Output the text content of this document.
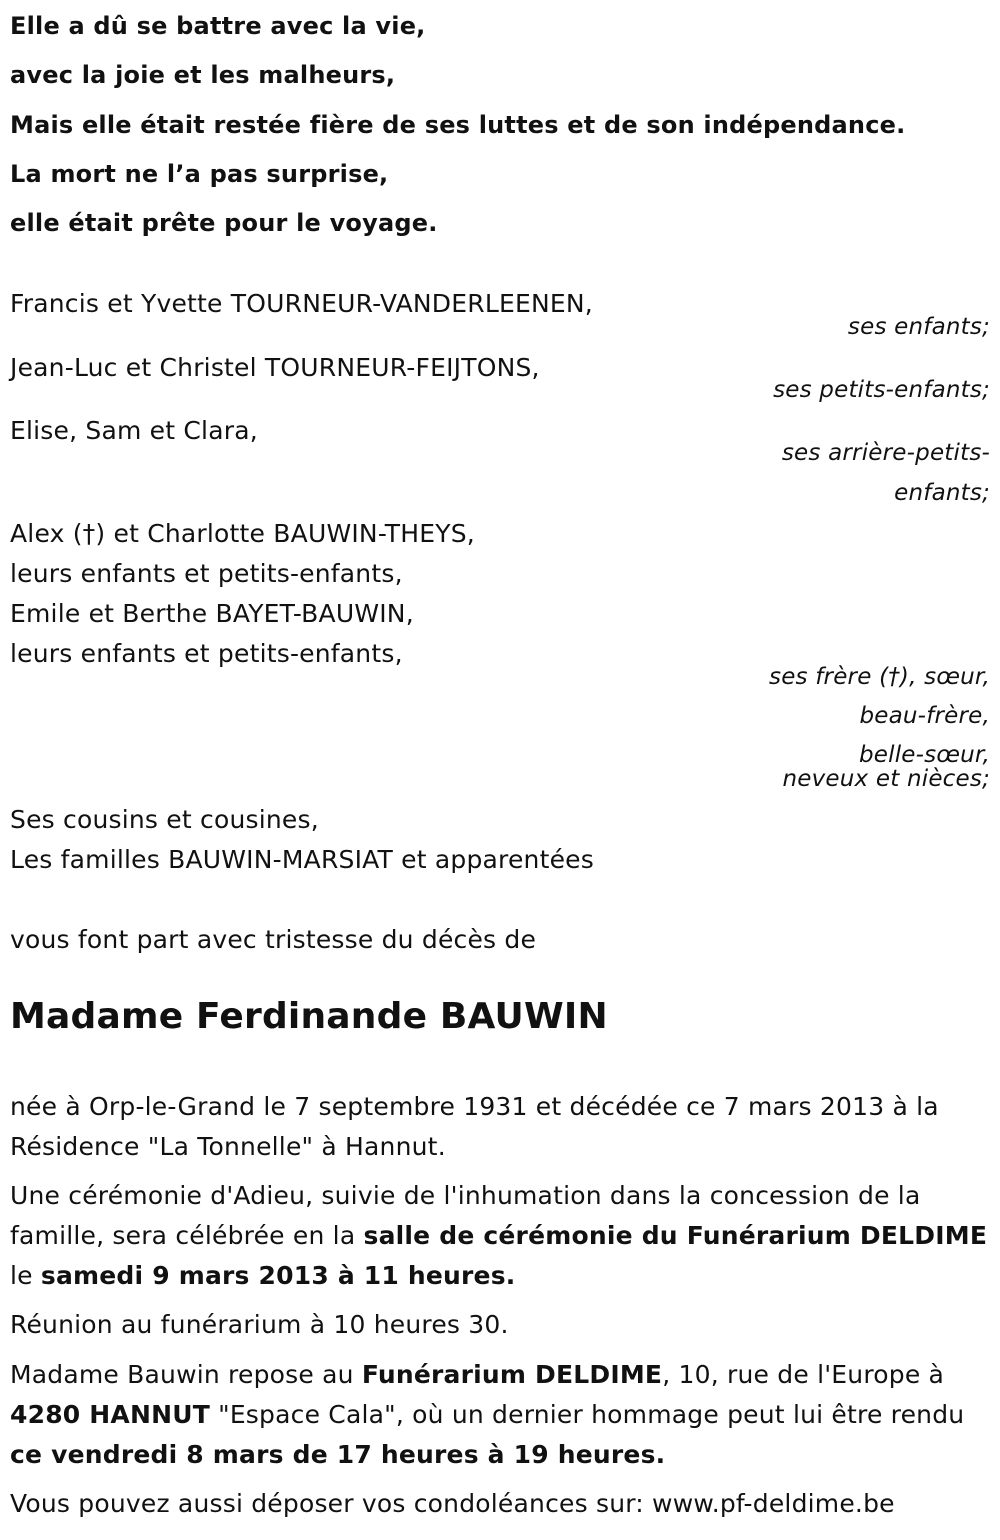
Elle a dû se battre avec la vie,
avec la joie et les malheurs,
Mais elle était restée fière de ses luttes et de son indépendance.
La mort ne l’a pas surprise,
elle était prête pour le voyage.
Francis et Yvette TOURNEUR-VANDERLEENEN,
ses enfants;
Jean-Luc et Christel TOURNEUR-FEIJTONS,
ses petits-enfants;
Elise, Sam et Clara,
ses arrière-petits-
enfants;
Alex (†) et Charlotte BAUWIN-THEYS,
leurs enfants et petits-enfants,
Emile et Berthe BAYET-BAUWIN,
leurs enfants et petits-enfants,
ses frère (†), sœur,
beau-frère,
belle-sœur,
neveux et nièces;
Ses cousins et cousines,
Les familles BAUWIN-MARSIAT et apparentées
vous font part avec tristesse du décès de
Madame Ferdinande BAUWIN
née à Orp-le-Grand le 7 septembre 1931 et décédée ce 7 mars 2013 à la Résidence "La Tonnelle" à Hannut.
Une cérémonie d'Adieu, suivie de l'inhumation dans la concession de la famille, sera célébrée en la salle de cérémonie du Funérarium DELDIME le samedi 9 mars 2013 à 11 heures.
Réunion au funérarium à 10 heures 30.
Madame Bauwin repose au Funérarium DELDIME, 10, rue de l'Europe à 4280 HANNUT "Espace Cala", où un dernier hommage peut lui être rendu ce vendredi 8 mars de 17 heures à 19 heures.
Vous pouvez aussi déposer vos condoléances sur: www.pf-deldime.be
